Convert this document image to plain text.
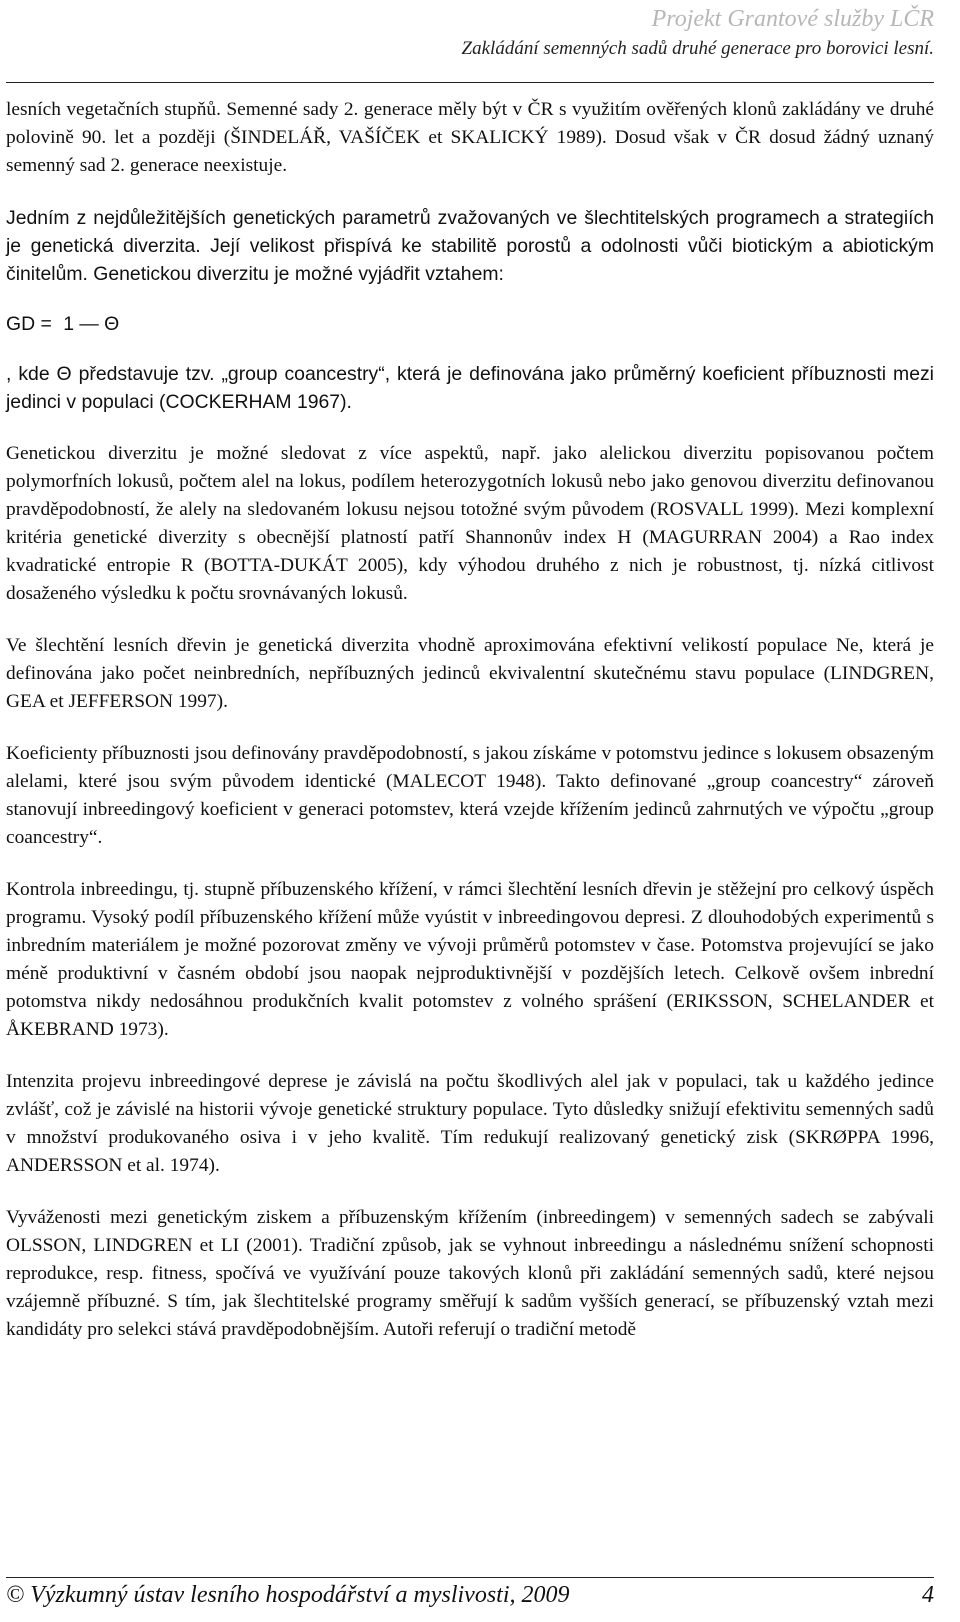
Projekt Grantové služby LČR
Zakládání semenných sadů druhé generace pro borovici lesní.

lesních vegetačních stupňů. Semenné sady 2. generace měly být v ČR s využitím ověřených klonů zakládány ve druhé polovině 90. let a později (ŠINDELÁŘ, VAŠÍČEK et SKALICKÝ 1989). Dosud však v ČR dosud žádný uznaný semenný sad 2. generace neexistuje.

Jedním z nejdůležitějších genetických parametrů zvažovaných ve šlechtitelských programech a strategiích je genetická diverzita. Její velikost přispívá ke stabilitě porostů a odolnosti vůči biotickým a abiotickým činitelům. Genetickou diverzitu je možné vyjádřit vztahem:

GD = 1 — Θ

, kde Θ představuje tzv. „group coancestry“, která je definována jako průměrný koeficient příbuznosti mezi jedinci v populaci (COCKERHAM 1967).

Genetickou diverzitu je možné sledovat z více aspektů, např. jako alelickou diverzitu popisovanou počtem polymorfních lokusů, počtem alel na lokus, podílem heterozygotních lokusů nebo jako genovou diverzitu definovanou pravděpodobností, že alely na sledovaném lokusu nejsou totožné svým původem (ROSVALL 1999). Mezi komplexní kritéria genetické diverzity s obecnější platností patří Shannonův index H (MAGURRAN 2004) a Rao index kvadratické entropie R (BOTTA-DUKÁT 2005), kdy výhodou druhého z nich je robustnost, tj. nízká citlivost dosaženého výsledku k počtu srovnávaných lokusů.

Ve šlechtění lesních dřevin je genetická diverzita vhodně aproximována efektivní velikostí populace Ne, která je definována jako počet neinbredních, nepříbuzných jedinců ekvivalentní skutečnému stavu populace (LINDGREN, GEA et JEFFERSON 1997).

Koeficienty příbuznosti jsou definovány pravděpodobností, s jakou získáme v potomstvu jedince s lokusem obsazeným alelami, které jsou svým původem identické (MALECOT 1948). Takto definované „group coancestry“ zároveň stanovují inbreedingový koeficient v generaci potomstev, která vzejde křížením jedinců zahrnutých ve výpočtu „group coancestry“.

Kontrola inbreedingu, tj. stupně příbuzenského křížení, v rámci šlechtění lesních dřevin je stěžejní pro celkový úspěch programu. Vysoký podíl příbuzenského křížení může vyústit v inbreedingovou depresi. Z dlouhodobých experimentů s inbredním materiálem je možné pozorovat změny ve vývoji průměrů potomstev v čase. Potomstva projevující se jako méně produktivní v časném období jsou naopak nejproduktivnější v pozdějších letech. Celkově ovšem inbrední potomstva nikdy nedosáhnou produkčních kvalit potomstev z volného sprášení (ERIKSSON, SCHELANDER et ÅKEBRAND 1973).

Intenzita projevu inbreedingové deprese je závislá na počtu škodlivých alel jak v populaci, tak u každého jedince zvlášť, což je závislé na historii vývoje genetické struktury populace. Tyto důsledky snižují efektivitu semenných sadů v množství produkovaného osiva i v jeho kvalitě. Tím redukují realizovaný genetický zisk (SKRØPPA 1996, ANDERSSON et al. 1974).

Vyváženosti mezi genetickým ziskem a příbuzenským křížením (inbreedingem) v semenných sadech se zabývali OLSSON, LINDGREN et LI (2001). Tradiční způsob, jak se vyhnout inbreedingu a následnému snížení schopnosti reprodukce, resp. fitness, spočívá ve využívání pouze takových klonů při zakládání semenných sadů, které nejsou vzájemně příbuzné. S tím, jak šlechtitelské programy směřují k sadům vyšších generací, se příbuzenský vztah mezi kandidáty pro selekci stává pravděpodobnějším. Autoři referují o tradiční metodě

© Výzkumný ústav lesního hospodářství a myslivosti, 2009	4
